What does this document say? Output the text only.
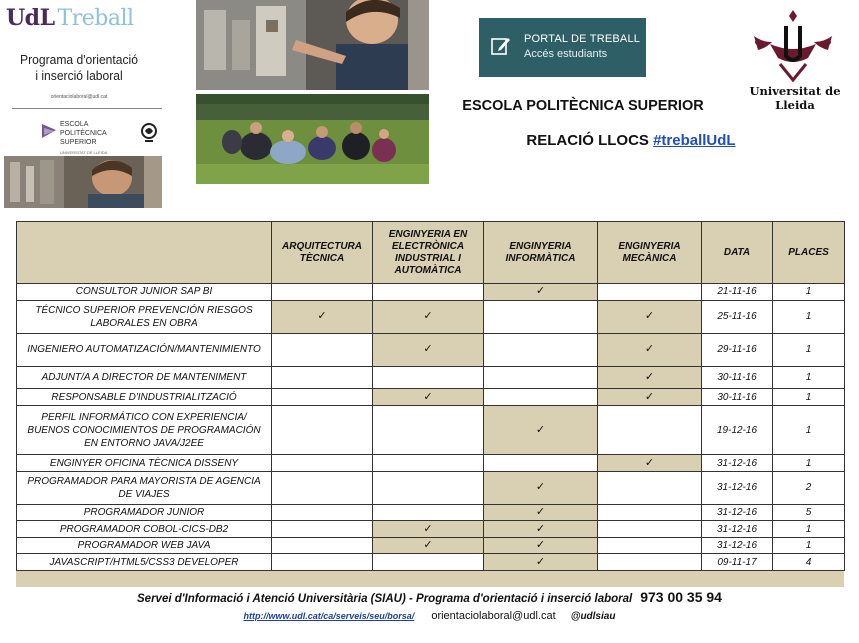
UdL Treball
Programa d'orientació
i inserció laboral
orientaciolaboral@udl.cat
ESCOLA
POLITÈCNICA SUPERIOR
UNIVERSITAT DE LLEIDA
PORTAL DE TREBALL
Accés estudiants
Universitat de Lleida
ESCOLA POLITÈCNICA SUPERIOR
RELACIÓ LLOCS #treballUdL
	ARQUITECTURA TÈCNICA	ENGINYERIA EN ELECTRÒNICA INDUSTRIAL I AUTOMÀTICA	ENGINYERIA INFORMÀTICA	ENGINYERIA MECÀNICA	DATA	PLACES
CONSULTOR JUNIOR SAP BI			✓		21-11-16	1
TÉCNICO SUPERIOR PREVENCIÓN RIESGOS LABORALES EN OBRA	✓	✓		✓	25-11-16	1
INGENIERO AUTOMATIZACIÓN/MANTENIMIENTO		✓		✓	29-11-16	1
ADJUNT/A A DIRECTOR DE MANTENIMENT				✓	30-11-16	1
RESPONSABLE D'INDUSTRIALITZACIÓ		✓		✓	30-11-16	1
PERFIL INFORMÁTICO CON EXPERIENCIA/ BUENOS CONOCIMIENTOS DE PROGRAMACIÓN EN ENTORNO JAVA/J2EE			✓		19-12-16	1
ENGINYER OFICINA TÈCNICA DISSENY				✓	31-12-16	1
PROGRAMADOR PARA MAYORISTA DE AGENCIA DE VIAJES			✓		31-12-16	2
PROGRAMADOR JUNIOR			✓		31-12-16	5
PROGRAMADOR COBOL-CICS-DB2		✓	✓		31-12-16	1
PROGRAMADOR WEB JAVA		✓	✓		31-12-16	1
JAVASCRIPT/HTML5/CSS3 DEVELOPER			✓		09-11-17	4
Servei d'Informació i Atenció Universitària (SIAU) - Programa d'orientació i inserció laboral 973 00 35 94
http://www.udl.cat/ca/serveis/seu/borsa/ orientaciolaboral@udl.cat @udlsiau
